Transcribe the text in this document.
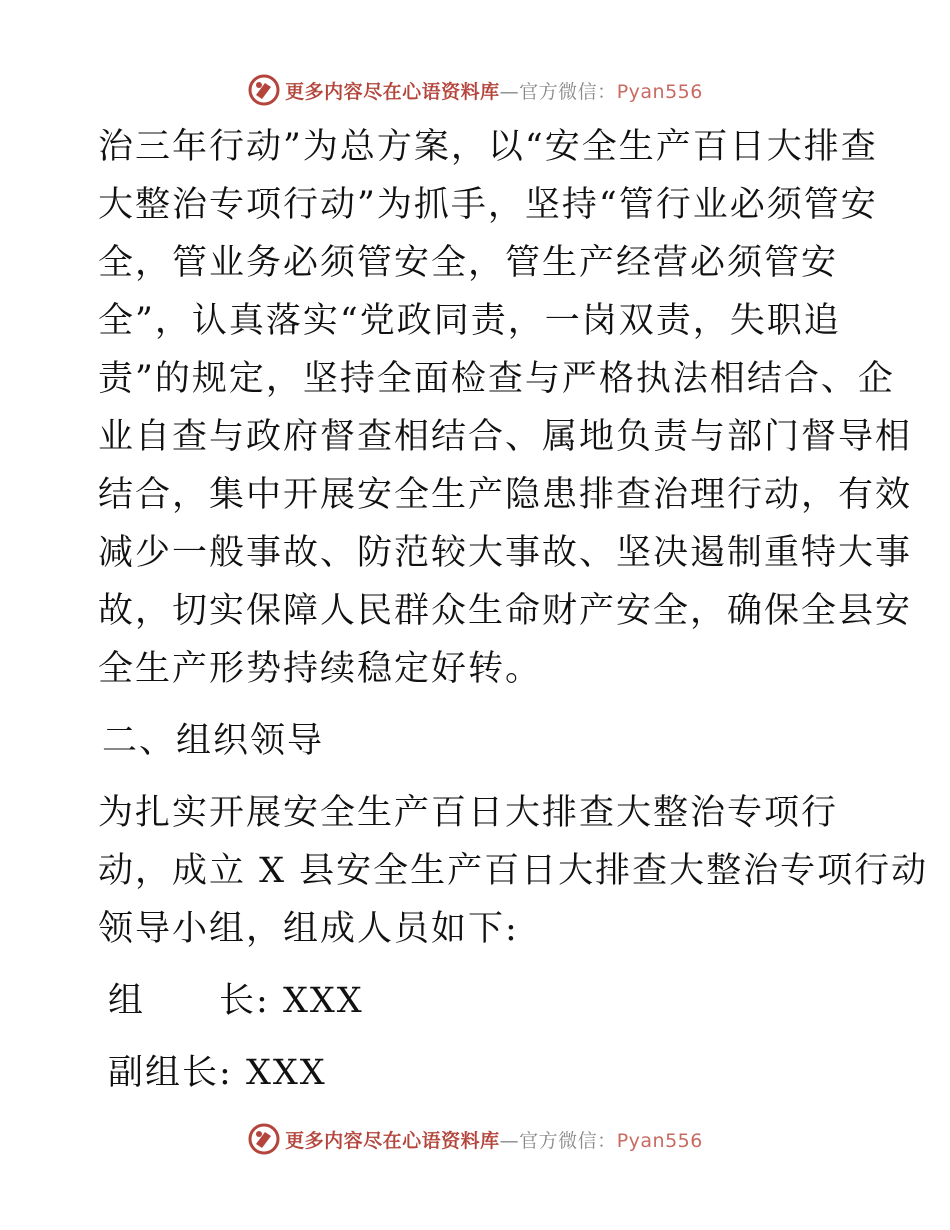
更多内容尽在心语资料库—官方微信：Pyan556

治三年行动”为总方案，以“安全生产百日大排查
大整治专项行动”为抓手，坚持“管行业必须管安
全，管业务必须管安全，管生产经营必须管安
全”，认真落实“党政同责，一岗双责，失职追
责”的规定，坚持全面检查与严格执法相结合、企
业自查与政府督查相结合、属地负责与部门督导相
结合，集中开展安全生产隐患排查治理行动，有效
减少一般事故、防范较大事故、坚决遏制重特大事
故，切实保障人民群众生命财产安全，确保全县安
全生产形势持续稳定好转。

二、组织领导

为扎实开展安全生产百日大排查大整治专项行
动，成立 X 县安全生产百日大排查大整治专项行动
领导小组，组成人员如下:

组　　长: XXX
副组长: XXX
更多内容尽在心语资料库—官方微信：Pyan556
